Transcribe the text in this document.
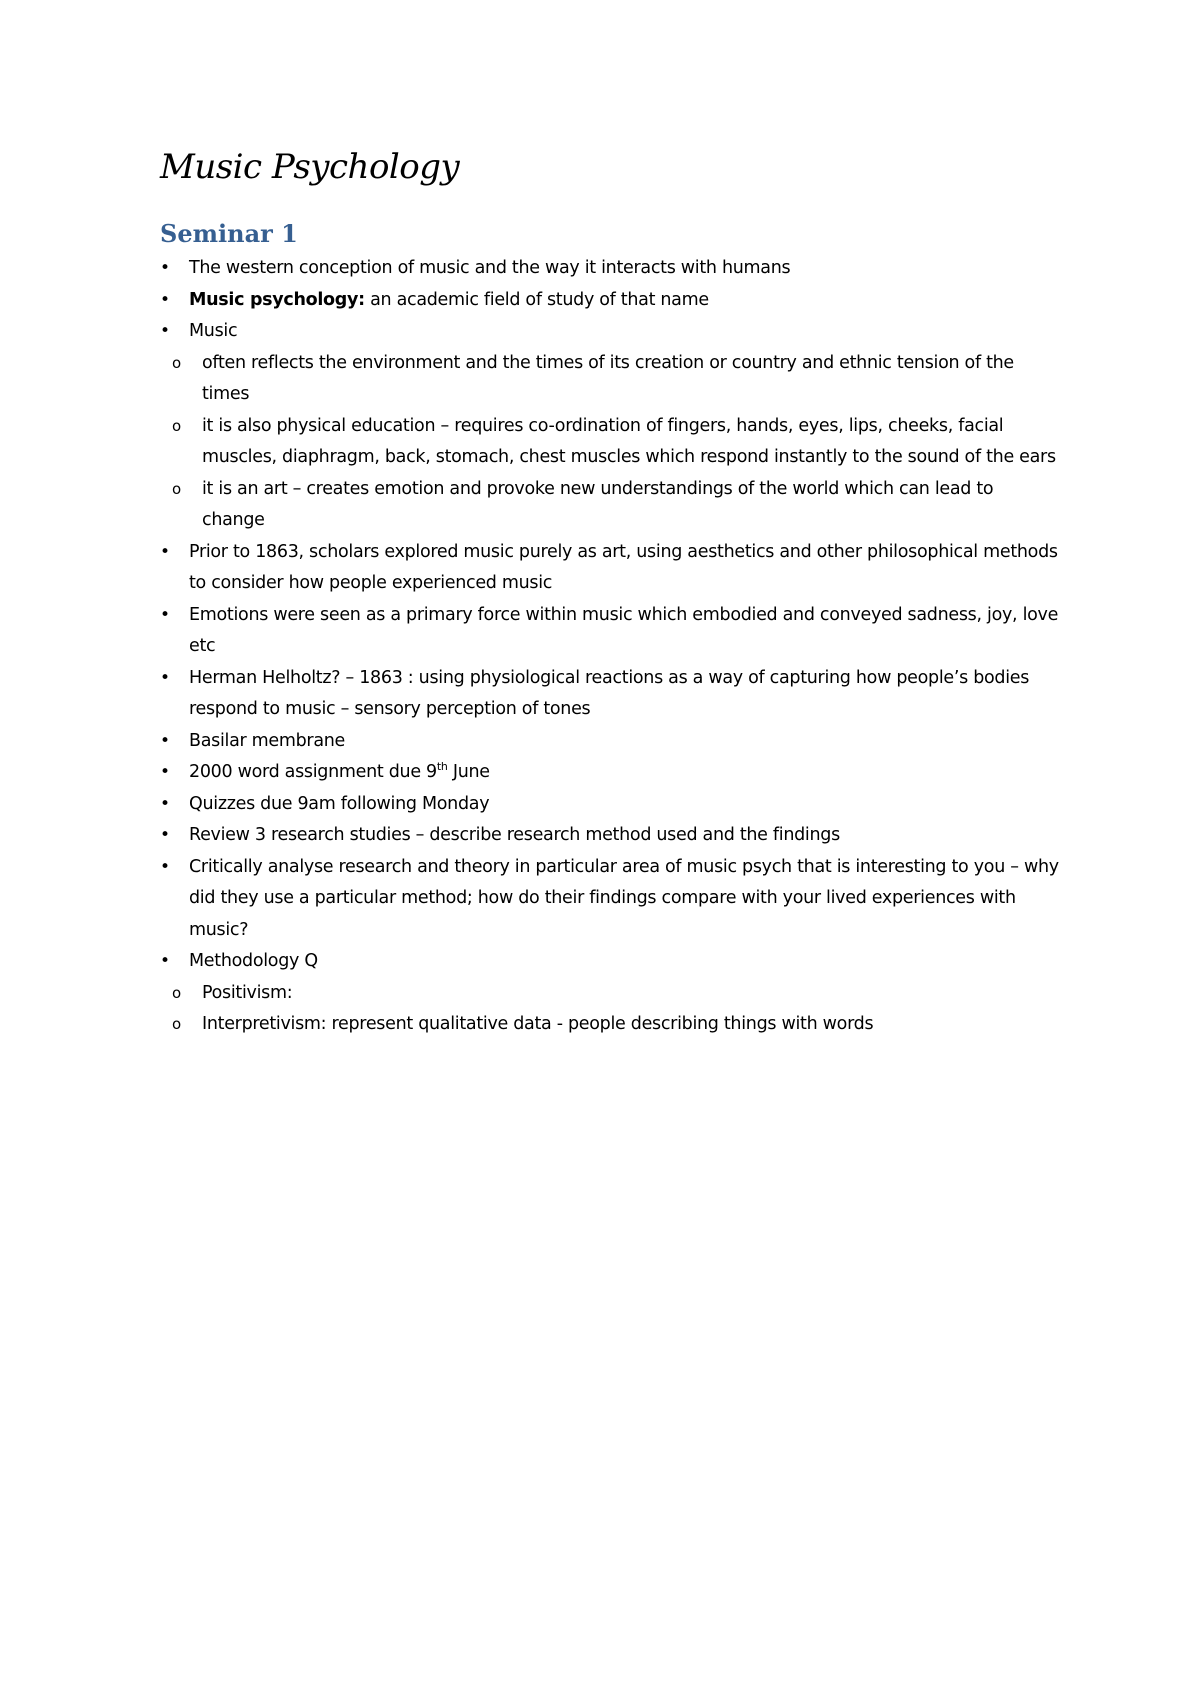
Music Psychology
Seminar 1
•	The western conception of music and the way it interacts with humans
•	Music psychology: an academic field of study of that name
•	Music
o	often reflects the environment and the times of its creation or country and ethnic tension of the times
o	it is also physical education – requires co-ordination of fingers, hands, eyes, lips, cheeks, facial muscles, diaphragm, back, stomach, chest muscles which respond instantly to the sound of the ears
o	it is an art – creates emotion and provoke new understandings of the world which can lead to change
•	Prior to 1863, scholars explored music purely as art, using aesthetics and other philosophical methods to consider how people experienced music
•	Emotions were seen as a primary force within music which embodied and conveyed sadness, joy, love etc
•	Herman Helholtz? – 1863 : using physiological reactions as a way of capturing how people’s bodies respond to music – sensory perception of tones
•	Basilar membrane
•	2000 word assignment due 9th June
•	Quizzes due 9am following Monday
•	Review 3 research studies – describe research method used and the findings
•	Critically analyse research and theory in particular area of music psych that is interesting to you – why did they use a particular method; how do their findings compare with your lived experiences with music?
•	Methodology Q
o	Positivism:
o	Interpretivism: represent qualitative data - people describing things with words
